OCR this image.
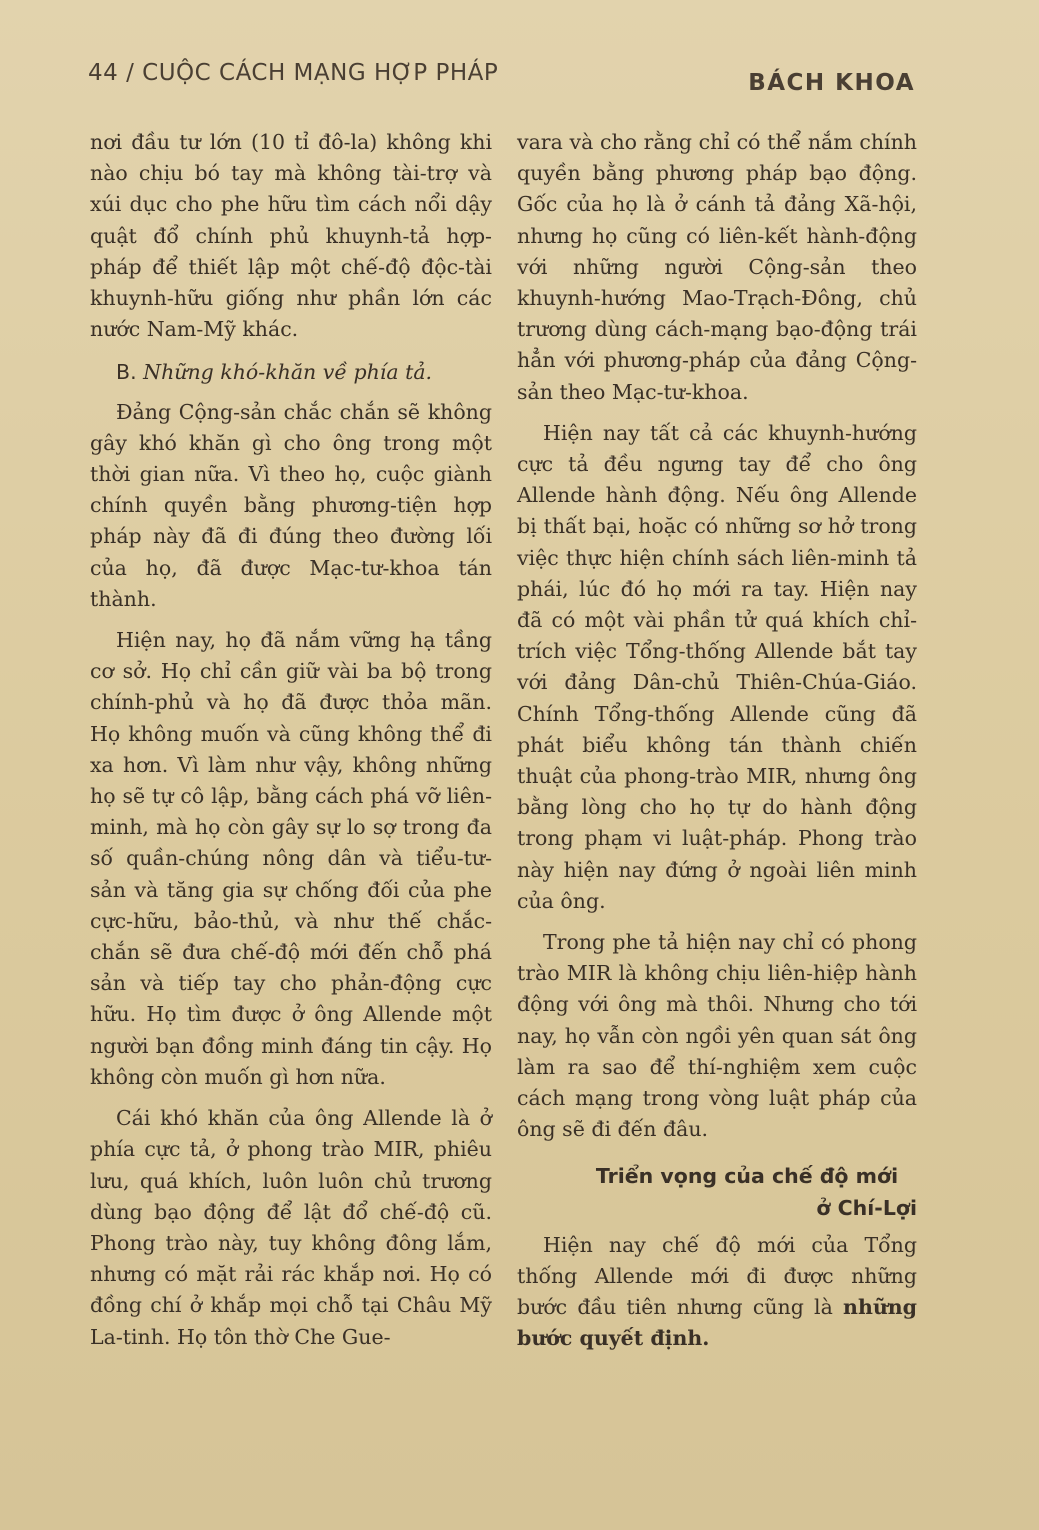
44 / CUỘC CÁCH MẠNG HỢP PHÁP	BÁCH KHOA

nơi đầu tư lớn (10 tỉ đô-la) không khi nào chịu bó tay mà không tài-trợ và xúi dục cho phe hữu tìm cách nổi dậy quật đổ chính phủ khuynh-tả hợp-pháp để thiết lập một chế-độ độc-tài khuynh-hữu giống như phần lớn các nước Nam-Mỹ khác.

B. Những khó-khăn về phía tả.

Đảng Cộng-sản chắc chắn sẽ không gây khó khăn gì cho ông trong một thời gian nữa. Vì theo họ, cuộc giành chính quyền bằng phương-tiện hợp pháp này đã đi đúng theo đường lối của họ, đã được Mạc-tư-khoa tán thành.

Hiện nay, họ đã nắm vững hạ tầng cơ sở. Họ chỉ cần giữ vài ba bộ trong chính-phủ và họ đã được thỏa mãn. Họ không muốn và cũng không thể đi xa hơn. Vì làm như vậy, không những họ sẽ tự cô lập, bằng cách phá vỡ liên-minh, mà họ còn gây sự lo sợ trong đa số quần-chúng nông dân và tiểu-tư-sản và tăng gia sự chống đối của phe cực-hữu, bảo-thủ, và như thế chắc-chắn sẽ đưa chế-độ mới đến chỗ phá sản và tiếp tay cho phản-động cực hữu. Họ tìm được ở ông Allende một người bạn đồng minh đáng tin cậy. Họ không còn muốn gì hơn nữa.

Cái khó khăn của ông Allende là ở phía cực tả, ở phong trào MIR, phiêu lưu, quá khích, luôn luôn chủ trương dùng bạo động để lật đổ chế-độ cũ. Phong trào này, tuy không đông lắm, nhưng có mặt rải rác khắp nơi. Họ có đồng chí ở khắp mọi chỗ tại Châu Mỹ La-tinh. Họ tôn thờ Che Gue-

vara và cho rằng chỉ có thể nắm chính quyền bằng phương pháp bạo động. Gốc của họ là ở cánh tả đảng Xã-hội, nhưng họ cũng có liên-kết hành-động với những người Cộng-sản theo khuynh-hướng Mao-Trạch-Đông, chủ trương dùng cách-mạng bạo-động trái hẳn với phương-pháp của đảng Cộng-sản theo Mạc-tư-khoa.

Hiện nay tất cả các khuynh-hướng cực tả đều ngưng tay để cho ông Allende hành động. Nếu ông Allende bị thất bại, hoặc có những sơ hở trong việc thực hiện chính sách liên-minh tả phái, lúc đó họ mới ra tay. Hiện nay đã có một vài phần tử quá khích chỉ-trích việc Tổng-thống Allende bắt tay với đảng Dân-chủ Thiên-Chúa-Giáo. Chính Tổng-thống Allende cũng đã phát biểu không tán thành chiến thuật của phong-trào MIR, nhưng ông bằng lòng cho họ tự do hành động trong phạm vi luật-pháp. Phong trào này hiện nay đứng ở ngoài liên minh của ông.

Trong phe tả hiện nay chỉ có phong trào MIR là không chịu liên-hiệp hành động với ông mà thôi. Nhưng cho tới nay, họ vẫn còn ngồi yên quan sát ông làm ra sao để thí-nghiệm xem cuộc cách mạng trong vòng luật pháp của ông sẽ đi đến đâu.

Triển vọng của chế độ mới
ở Chí-Lợi

Hiện nay chế độ mới của Tổng thống Allende mới đi được những bước đầu tiên nhưng cũng là những bước quyết định.
